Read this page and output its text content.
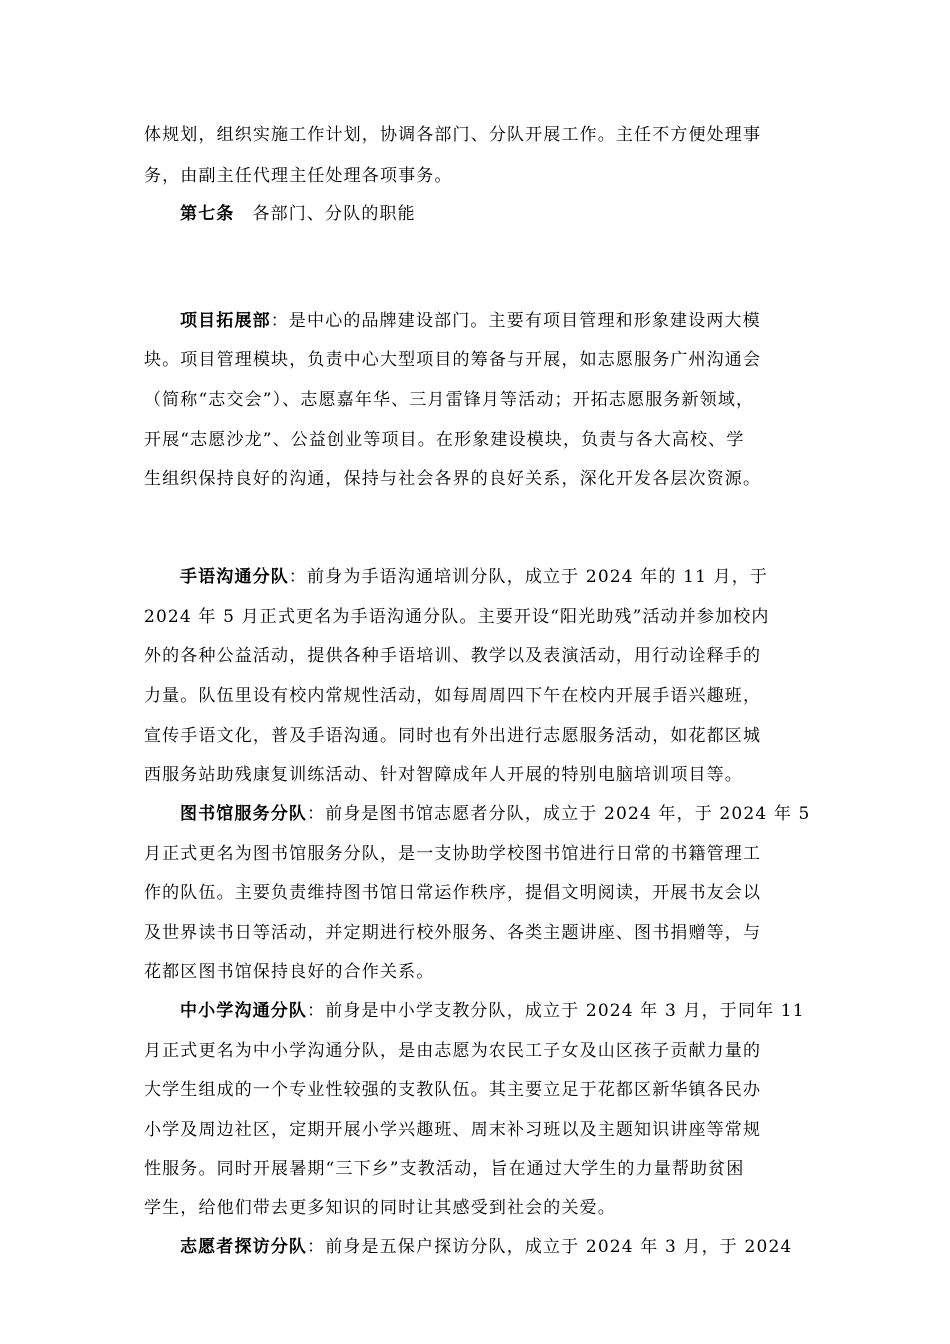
体规划，组织实施工作计划，协调各部门、分队开展工作。主任不方便处理事
务，由副主任代理主任处理各项事务。
第七条 各部门、分队的职能
项目拓展部：是中心的品牌建设部门。主要有项目管理和形象建设两大模
块。项目管理模块，负责中心大型项目的筹备与开展，如志愿服务广州沟通会
（简称“志交会”）、志愿嘉年华、三月雷锋月等活动；开拓志愿服务新领域，
开展“志愿沙龙”、公益创业等项目。在形象建设模块，负责与各大高校、学
生组织保持良好的沟通，保持与社会各界的良好关系，深化开发各层次资源。
手语沟通分队：前身为手语沟通培训分队，成立于 2024 年的 11 月，于
2024 年 5 月正式更名为手语沟通分队。主要开设“阳光助残”活动并参加校内
外的各种公益活动，提供各种手语培训、教学以及表演活动，用行动诠释手的
力量。队伍里设有校内常规性活动，如每周周四下午在校内开展手语兴趣班，
宣传手语文化，普及手语沟通。同时也有外出进行志愿服务活动，如花都区城
西服务站助残康复训练活动、针对智障成年人开展的特别电脑培训项目等。
图书馆服务分队：前身是图书馆志愿者分队，成立于 2024 年，于 2024 年 5
月正式更名为图书馆服务分队，是一支协助学校图书馆进行日常的书籍管理工
作的队伍。主要负责维持图书馆日常运作秩序，提倡文明阅读，开展书友会以
及世界读书日等活动，并定期进行校外服务、各类主题讲座、图书捐赠等，与
花都区图书馆保持良好的合作关系。
中小学沟通分队：前身是中小学支教分队，成立于 2024 年 3 月，于同年 11
月正式更名为中小学沟通分队，是由志愿为农民工子女及山区孩子贡献力量的
大学生组成的一个专业性较强的支教队伍。其主要立足于花都区新华镇各民办
小学及周边社区，定期开展小学兴趣班、周末补习班以及主题知识讲座等常规
性服务。同时开展暑期“三下乡”支教活动，旨在通过大学生的力量帮助贫困
学生，给他们带去更多知识的同时让其感受到社会的关爱。
志愿者探访分队：前身是五保户探访分队，成立于 2024 年 3 月，于 2024
